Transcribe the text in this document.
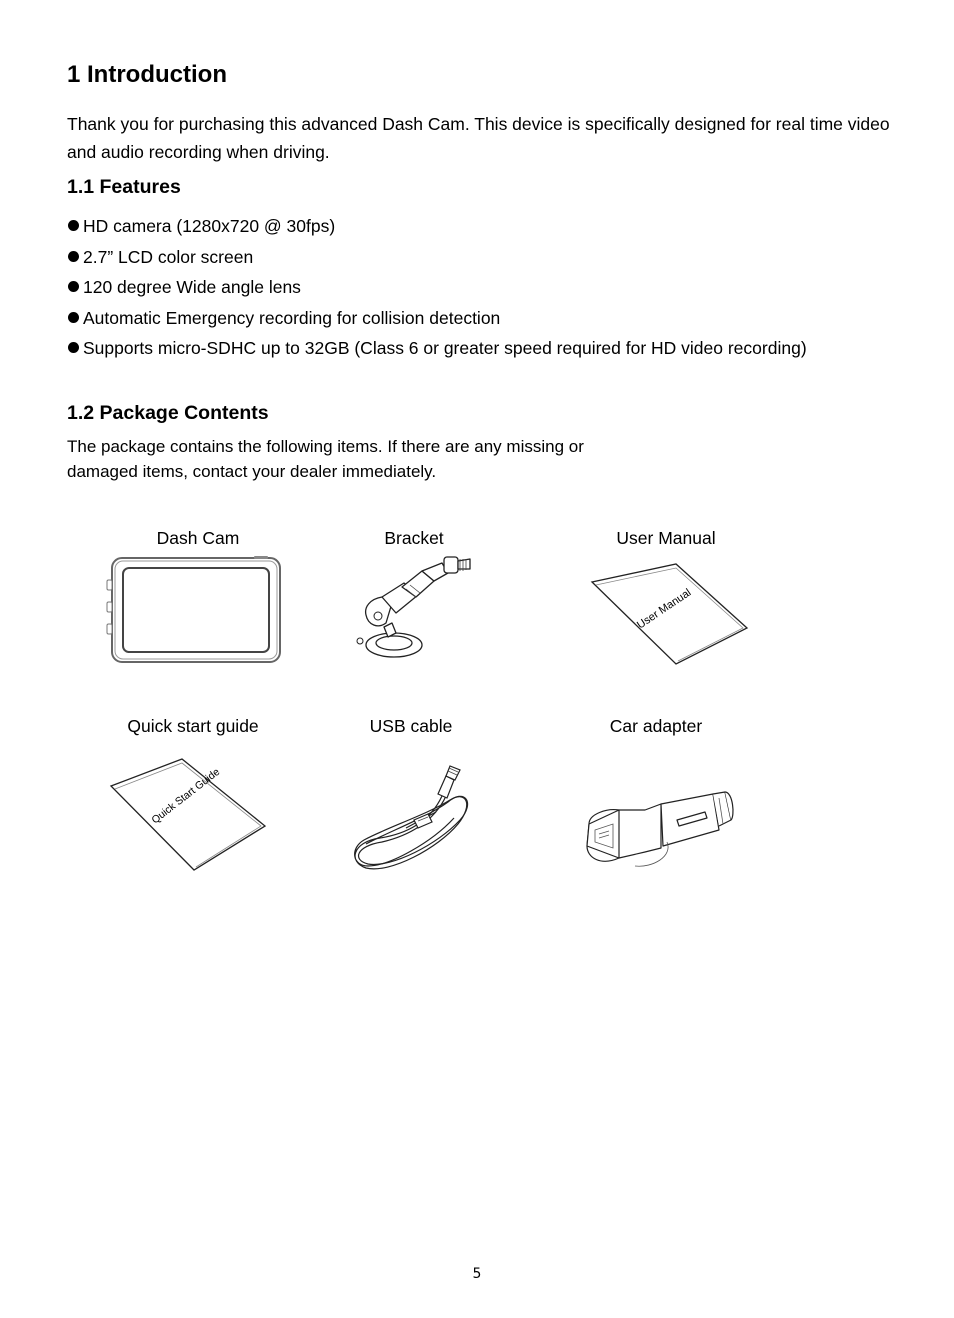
1 Introduction
Thank you for purchasing this advanced Dash Cam. This device is specifically designed for real time video and audio recording when driving.
1.1 Features
HD camera (1280x720 @ 30fps)
2.7” LCD color screen
120 degree Wide angle lens
Automatic Emergency recording for collision detection
Supports micro-SDHC up to 32GB (Class 6 or greater speed required for HD video recording)
1.2 Package Contents
The package contains the following items. If there are any missing or
damaged items, contact your dealer immediately.
Dash Cam	Bracket	User Manual
Quick start guide	USB cable	Car adapter
User Manual
Quick Start Guide
5
